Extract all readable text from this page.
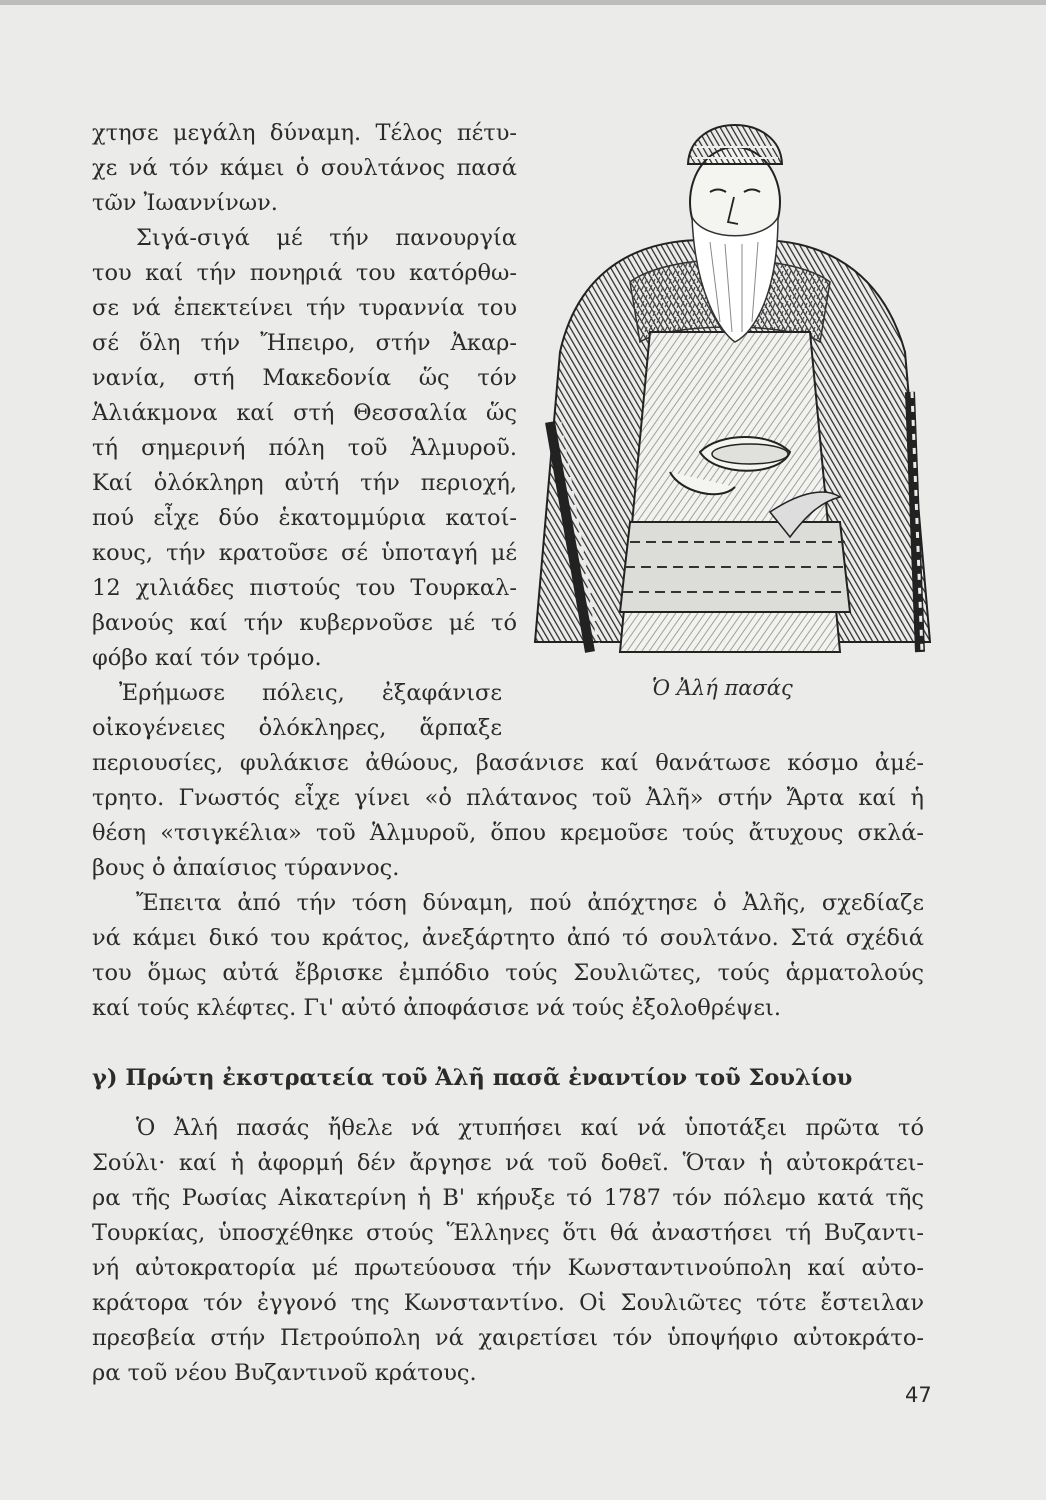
χτησε μεγάλη δύναμη. Τέλος πέτυ-
χε νά τόν κάμει ὁ σουλτάνος πασά
τῶν Ἰωαννίνων.
Σιγά-σιγά μέ τήν πανουργία
του καί τήν πονηριά του κατόρθω-
σε νά ἐπεκτείνει τήν τυραννία του
σέ ὅλη τήν Ἤπειρο, στήν Ἀκαρ-
νανία, στή Μακεδονία ὥς τόν
Ἁλιάκμονα καί στή Θεσσαλία ὥς
τή σημερινή πόλη τοῦ Ἁλμυροῦ.
Καί ὁλόκληρη αὐτή τήν περιοχή,
πού εἶχε δύο ἑκατομμύρια κατοί-
κους, τήν κρατοῦσε σέ ὑποταγή μέ
12 χιλιάδες πιστούς του Τουρκαλ-
βανούς καί τήν κυβερνοῦσε μέ τό
φόβο καί τόν τρόμο.
Ἐρήμωσε πόλεις, ἐξαφάνισε
οἰκογένειες ὁλόκληρες, ἅρπαξε
περιουσίες, φυλάκισε ἀθώους, βασάνισε καί θανάτωσε κόσμο ἀμέ-
τρητο. Γνωστός εἶχε γίνει «ὁ πλάτανος τοῦ Ἀλῆ» στήν Ἄρτα καί ἡ
θέση «τσιγκέλια» τοῦ Ἁλμυροῦ, ὅπου κρεμοῦσε τούς ἄτυχους σκλά-
βους ὁ ἀπαίσιος τύραννος.
Ἔπειτα ἀπό τήν τόση δύναμη, πού ἀπόχτησε ὁ Ἀλῆς, σχεδίαζε
νά κάμει δικό του κράτος, ἀνεξάρτητο ἀπό τό σουλτάνο. Στά σχέδιά
του ὅμως αὐτά ἔβρισκε ἐμπόδιο τούς Σουλιῶτες, τούς ἁρματολούς
καί τούς κλέφτες. Γι' αὐτό ἀποφάσισε νά τούς ἐξολοθρέψει.
γ) Πρώτη ἐκστρατεία τοῦ Ἀλῆ πασᾶ ἐναντίον τοῦ Σουλίου
Ὁ Ἀλή πασάς ἤθελε νά χτυπήσει καί νά ὑποτάξει πρῶτα τό
Σούλι· καί ἡ ἀφορμή δέν ἄργησε νά τοῦ δοθεῖ. Ὅταν ἡ αὐτοκράτει-
ρα τῆς Ρωσίας Αἰκατερίνη ἡ Β' κήρυξε τό 1787 τόν πόλεμο κατά τῆς
Τουρκίας, ὑποσχέθηκε στούς Ἕλληνες ὅτι θά ἀναστήσει τή Βυζαντι-
νή αὐτοκρατορία μέ πρωτεύουσα τήν Κωνσταντινούπολη καί αὐτο-
κράτορα τόν ἐγγονό της Κωνσταντίνο. Οἱ Σουλιῶτες τότε ἔστειλαν
πρεσβεία στήν Πετρούπολη νά χαιρετίσει τόν ὑποψήφιο αὐτοκράτο-
ρα τοῦ νέου Βυζαντινοῦ κράτους.
Ὁ Ἀλή πασάς
47
